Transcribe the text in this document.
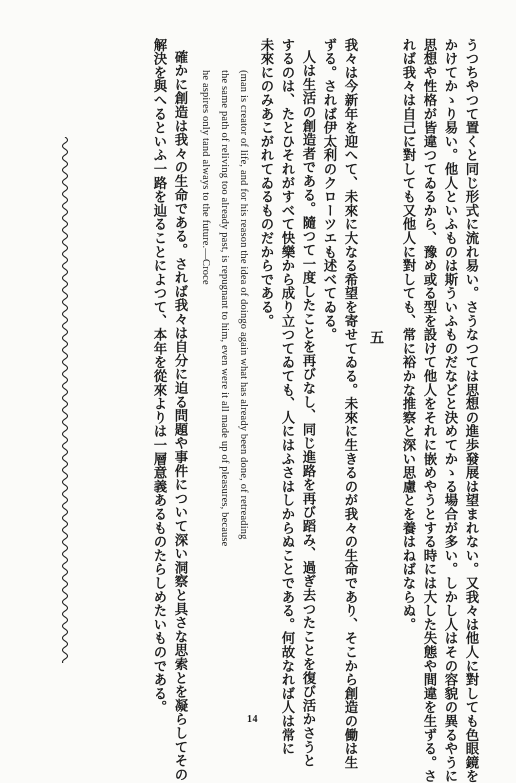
うつちやつて置くと同じ形式に流れ易い。さうなつては思想の進歩發展は望まれない。又我々は他人に對しても色眼鏡を
かけてかゝり易い。他人といふものは斯ういふものだなどと決めてかゝる場合が多い。しかし人はその容貌の異るやうに
思想や性格が皆違つてゐるから、豫め或る型を設けて他人をそれに嵌めやうとする時には大した失態や間違を生ずる。さ
れば我々は自己に對しても又他人に對しても、常に裕かな推察と深い思慮とを養はねばならぬ。
五
我々は今新年を迎へて、未來に大なる希望を寄せてゐる。未來に生きるのが我々の生命であり、そこから創造の働は生
ずる。されば伊太利のクローツエも述べてゐる。
人は生活の創造者である。隨つて一度したことを再びなし、同じ進路を再び蹈み、過ぎ去つたことを復び活かさうと
するのは、たとひそれがすべて快樂から成り立つてゐても、人にはふさはしからぬことである。何故なれば人は常に
未來にのみあこがれてゐるものだからである。
(man is creator of life, and for his reason the idea of doingo again what has already been done, of retreading
the same path of reliving too already past, is repugnant to him, even were it all made up of pleasures, because
he aspires only tand always to the future.—Croce
確かに創造は我々の生命である。されば我々は自分に迫る問題や事件について深い洞察と具さな思索とを凝らしてその
解決を與へるといふ一路を辿ることによつて、本年を從來よりは一層意義あるものたらしめたいものである。
14
